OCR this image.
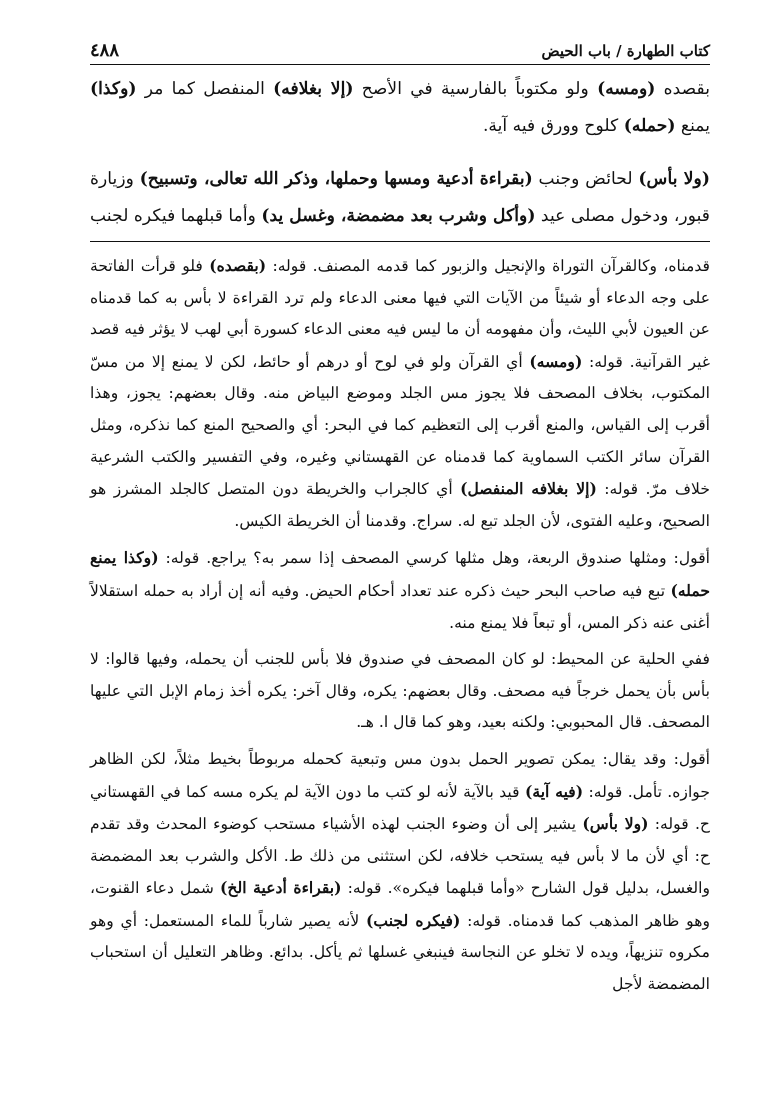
كتاب الطهارة / باب الحيض
٤٨٨

بقصده (ومسه) ولو مكتوباً بالفارسية في الأصح (إلا بغلافه) المنفصل كما مر (وكذا) يمنع (حمله) كلوح وورق فيه آية.

(ولا بأس) لحائض وجنب (بقراءة أدعية ومسها وحملها، وذكر الله تعالى، وتسبيح) وزيارة قبور، ودخول مصلى عيد (وأكل وشرب بعد مضمضة، وغسل يد) وأما قبلهما فيكره لجنب

قدمناه، وكالقرآن التوراة والإنجيل والزبور كما قدمه المصنف. قوله: (بقصده) فلو قرأت الفاتحة على وجه الدعاء أو شيئاً من الآيات التي فيها معنى الدعاء ولم ترد القراءة لا بأس به كما قدمناه عن العيون لأبي الليث، وأن مفهومه أن ما ليس فيه معنى الدعاء كسورة أبي لهب لا يؤثر فيه قصد غير القرآنية. قوله: (ومسه) أي القرآن ولو في لوح أو درهم أو حائط، لكن لا يمنع إلا من مسّ المكتوب، بخلاف المصحف فلا يجوز مس الجلد وموضع البياض منه. وقال بعضهم: يجوز، وهذا أقرب إلى القياس، والمنع أقرب إلى التعظيم كما في البحر: أي والصحيح المنع كما نذكره، ومثل القرآن سائر الكتب السماوية كما قدمناه عن القهستاني وغيره، وفي التفسير والكتب الشرعية خلاف مرّ. قوله: (إلا بغلافه المنفصل) أي كالجراب والخريطة دون المتصل كالجلد المشرز هو الصحيح، وعليه الفتوى، لأن الجلد تبع له. سراج. وقدمنا أن الخريطة الكيس.

أقول: ومثلها صندوق الربعة، وهل مثلها كرسي المصحف إذا سمر به؟ يراجع. قوله: (وكذا يمنع حمله) تبع فيه صاحب البحر حيث ذكره عند تعداد أحكام الحيض. وفيه أنه إن أراد به حمله استقلالاً أغنى عنه ذكر المس، أو تبعاً فلا يمنع منه.

ففي الحلية عن المحيط: لو كان المصحف في صندوق فلا بأس للجنب أن يحمله، وفيها قالوا: لا بأس بأن يحمل خرجاً فيه مصحف. وقال بعضهم: يكره، وقال آخر: يكره أخذ زمام الإبل التي عليها المصحف. قال المحبوبي: ولكنه بعيد، وهو كما قال ا. هـ.

أقول: وقد يقال: يمكن تصوير الحمل بدون مس وتبعية كحمله مربوطاً بخيط مثلاً، لكن الظاهر جوازه. تأمل. قوله: (فيه آية) قيد بالآية لأنه لو كتب ما دون الآية لم يكره مسه كما في القهستاني ح. قوله: (ولا بأس) يشير إلى أن وضوء الجنب لهذه الأشياء مستحب كوضوء المحدث وقد تقدم ح: أي لأن ما لا بأس فيه يستحب خلافه، لكن استثنى من ذلك ط. الأكل والشرب بعد المضمضة والغسل، بدليل قول الشارح «وأما قبلهما فيكره». قوله: (بقراءة أدعية الخ) شمل دعاء القنوت، وهو ظاهر المذهب كما قدمناه. قوله: (فيكره لجنب) لأنه يصير شارباً للماء المستعمل: أي وهو مكروه تنزيهاً، ويده لا تخلو عن النجاسة فينبغي غسلها ثم يأكل. بدائع. وظاهر التعليل أن استحباب المضمضة لأجل
